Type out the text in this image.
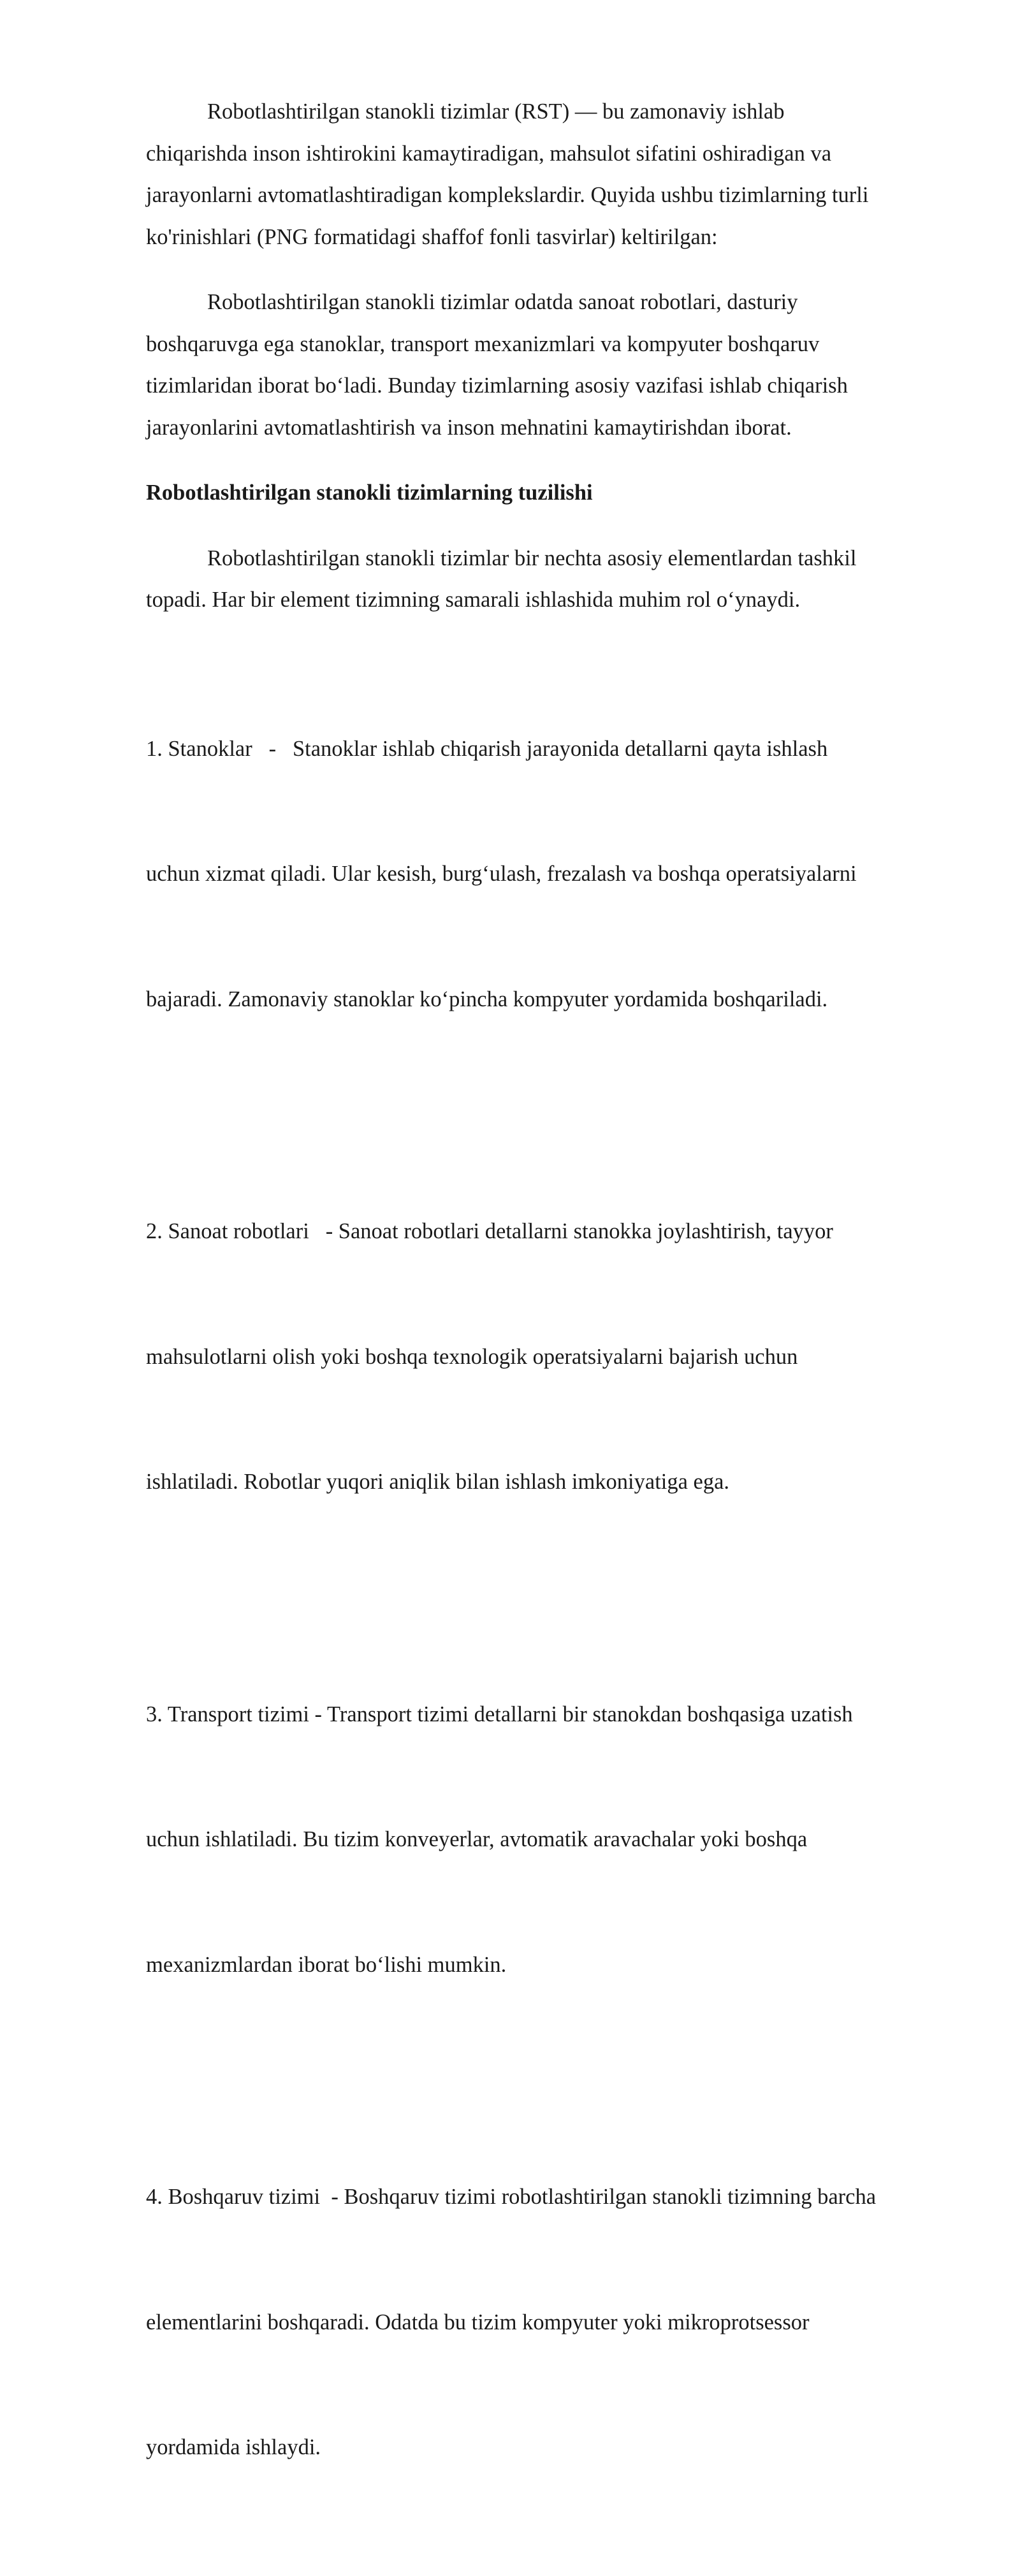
Robotlashtirilgan stanokli tizimlar (RST) — bu zamonaviy ishlab
chiqarishda inson ishtirokini kamaytiradigan, mahsulot sifatini oshiradigan va
jarayonlarni avtomatlashtiradigan komplekslardir. Quyida ushbu tizimlarning turli
ko'rinishlari (PNG formatidagi shaffof fonli tasvirlar) keltirilgan:

Robotlashtirilgan stanokli tizimlar odatda sanoat robotlari, dasturiy
boshqaruvga ega stanoklar, transport mexanizmlari va kompyuter boshqaruv
tizimlaridan iborat bo‘ladi. Bunday tizimlarning asosiy vazifasi ishlab chiqarish
jarayonlarini avtomatlashtirish va inson mehnatini kamaytirishdan iborat.

Robotlashtirilgan stanokli tizimlarning tuzilishi

Robotlashtirilgan stanokli tizimlar bir nechta asosiy elementlardan tashkil
topadi. Har bir element tizimning samarali ishlashida muhim rol o‘ynaydi.

1. Stanoklar   -   Stanoklar ishlab chiqarish jarayonida detallarni qayta ishlash

uchun xizmat qiladi. Ular kesish, burg‘ulash, frezalash va boshqa operatsiyalarni

bajaradi. Zamonaviy stanoklar ko‘pincha kompyuter yordamida boshqariladi.

2. Sanoat robotlari   - Sanoat robotlari detallarni stanokka joylashtirish, tayyor

mahsulotlarni olish yoki boshqa texnologik operatsiyalarni bajarish uchun

ishlatiladi. Robotlar yuqori aniqlik bilan ishlash imkoniyatiga ega.

3. Transport tizimi - Transport tizimi detallarni bir stanokdan boshqasiga uzatish

uchun ishlatiladi. Bu tizim konveyerlar, avtomatik aravachalar yoki boshqa

mexanizmlardan iborat bo‘lishi mumkin.

4. Boshqaruv tizimi  - Boshqaruv tizimi robotlashtirilgan stanokli tizimning barcha

elementlarini boshqaradi. Odatda bu tizim kompyuter yoki mikroprotsessor

yordamida ishlaydi.
